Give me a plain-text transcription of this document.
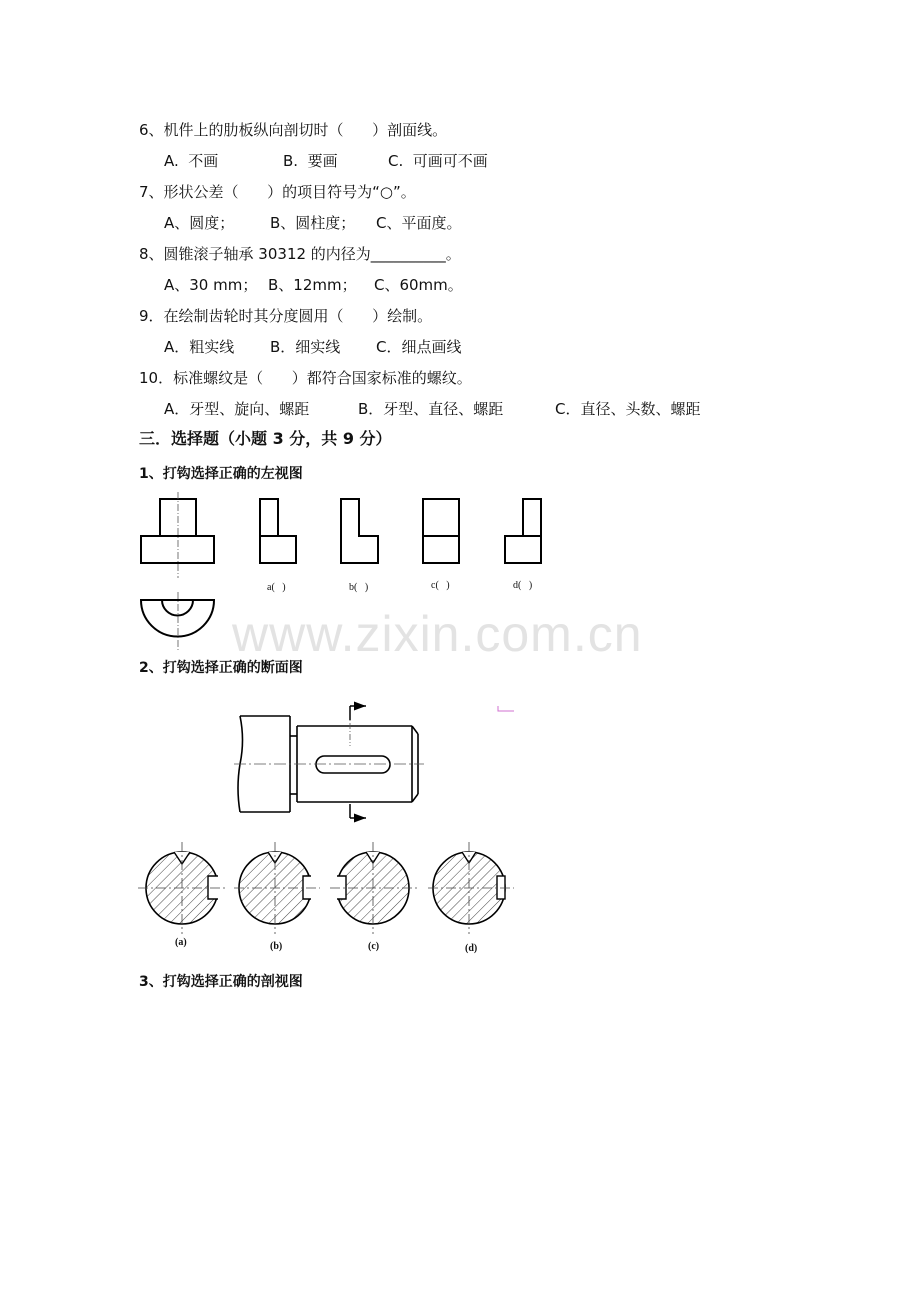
6、机件上的肋板纵向剖切时（      ）剖面线。
A.  不画	B.  要画	C.  可画可不画
7、形状公差（      ）的项目符号为“○”。
A、圆度； B、圆柱度； C、平面度。
8、圆锥滚子轴承 30312 的内径为__________。
A、30 mm； B、12mm； C、60mm。
9．在绘制齿轮时其分度圆用（      ）绘制。
A．粗实线 B．细实线 C．细点画线
10．标准螺纹是（      ）都符合国家标准的螺纹。
A．牙型、旋向、螺距	B．牙型、直径、螺距	C．直径、头数、螺距
三．选择题（小题 3 分，共 9 分）
1、打钩选择正确的左视图
a(   )	b(   )	c(   )	d(   )
www.zixin.com.cn
2、打钩选择正确的断面图
(a)	(b)	(c)	(d)
3、打钩选择正确的剖视图
